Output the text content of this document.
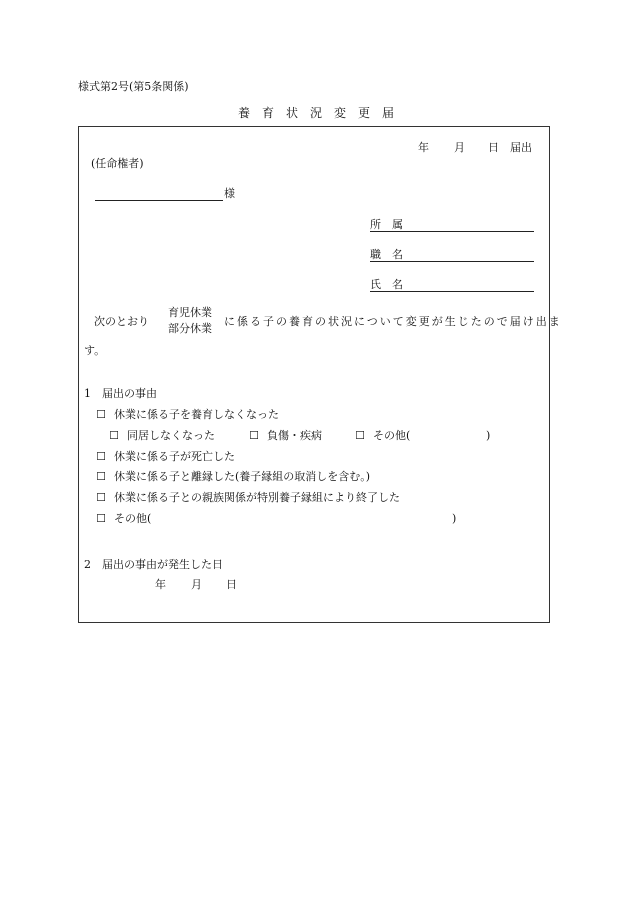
様式第2号(第5条関係)
養 育 状 況 変 更 届
年 月 日 届出
(任命権者)
様
所　属
職　名
氏　名
次のとおり
育児休業
部分休業
に係る子の養育の状況について変更が生じたので届け出ま
す。
1　届出の事由
☐ 休業に係る子を養育しなくなった
☐ 同居しなくなった	☐ 負傷・疾病	☐ その他(	)
☐ 休業に係る子が死亡した
☐ 休業に係る子と離縁した(養子縁組の取消しを含む。)
☐ 休業に係る子との親族関係が特別養子縁組により終了した
☐ その他(	)
2　届出の事由が発生した日
年 月 日
